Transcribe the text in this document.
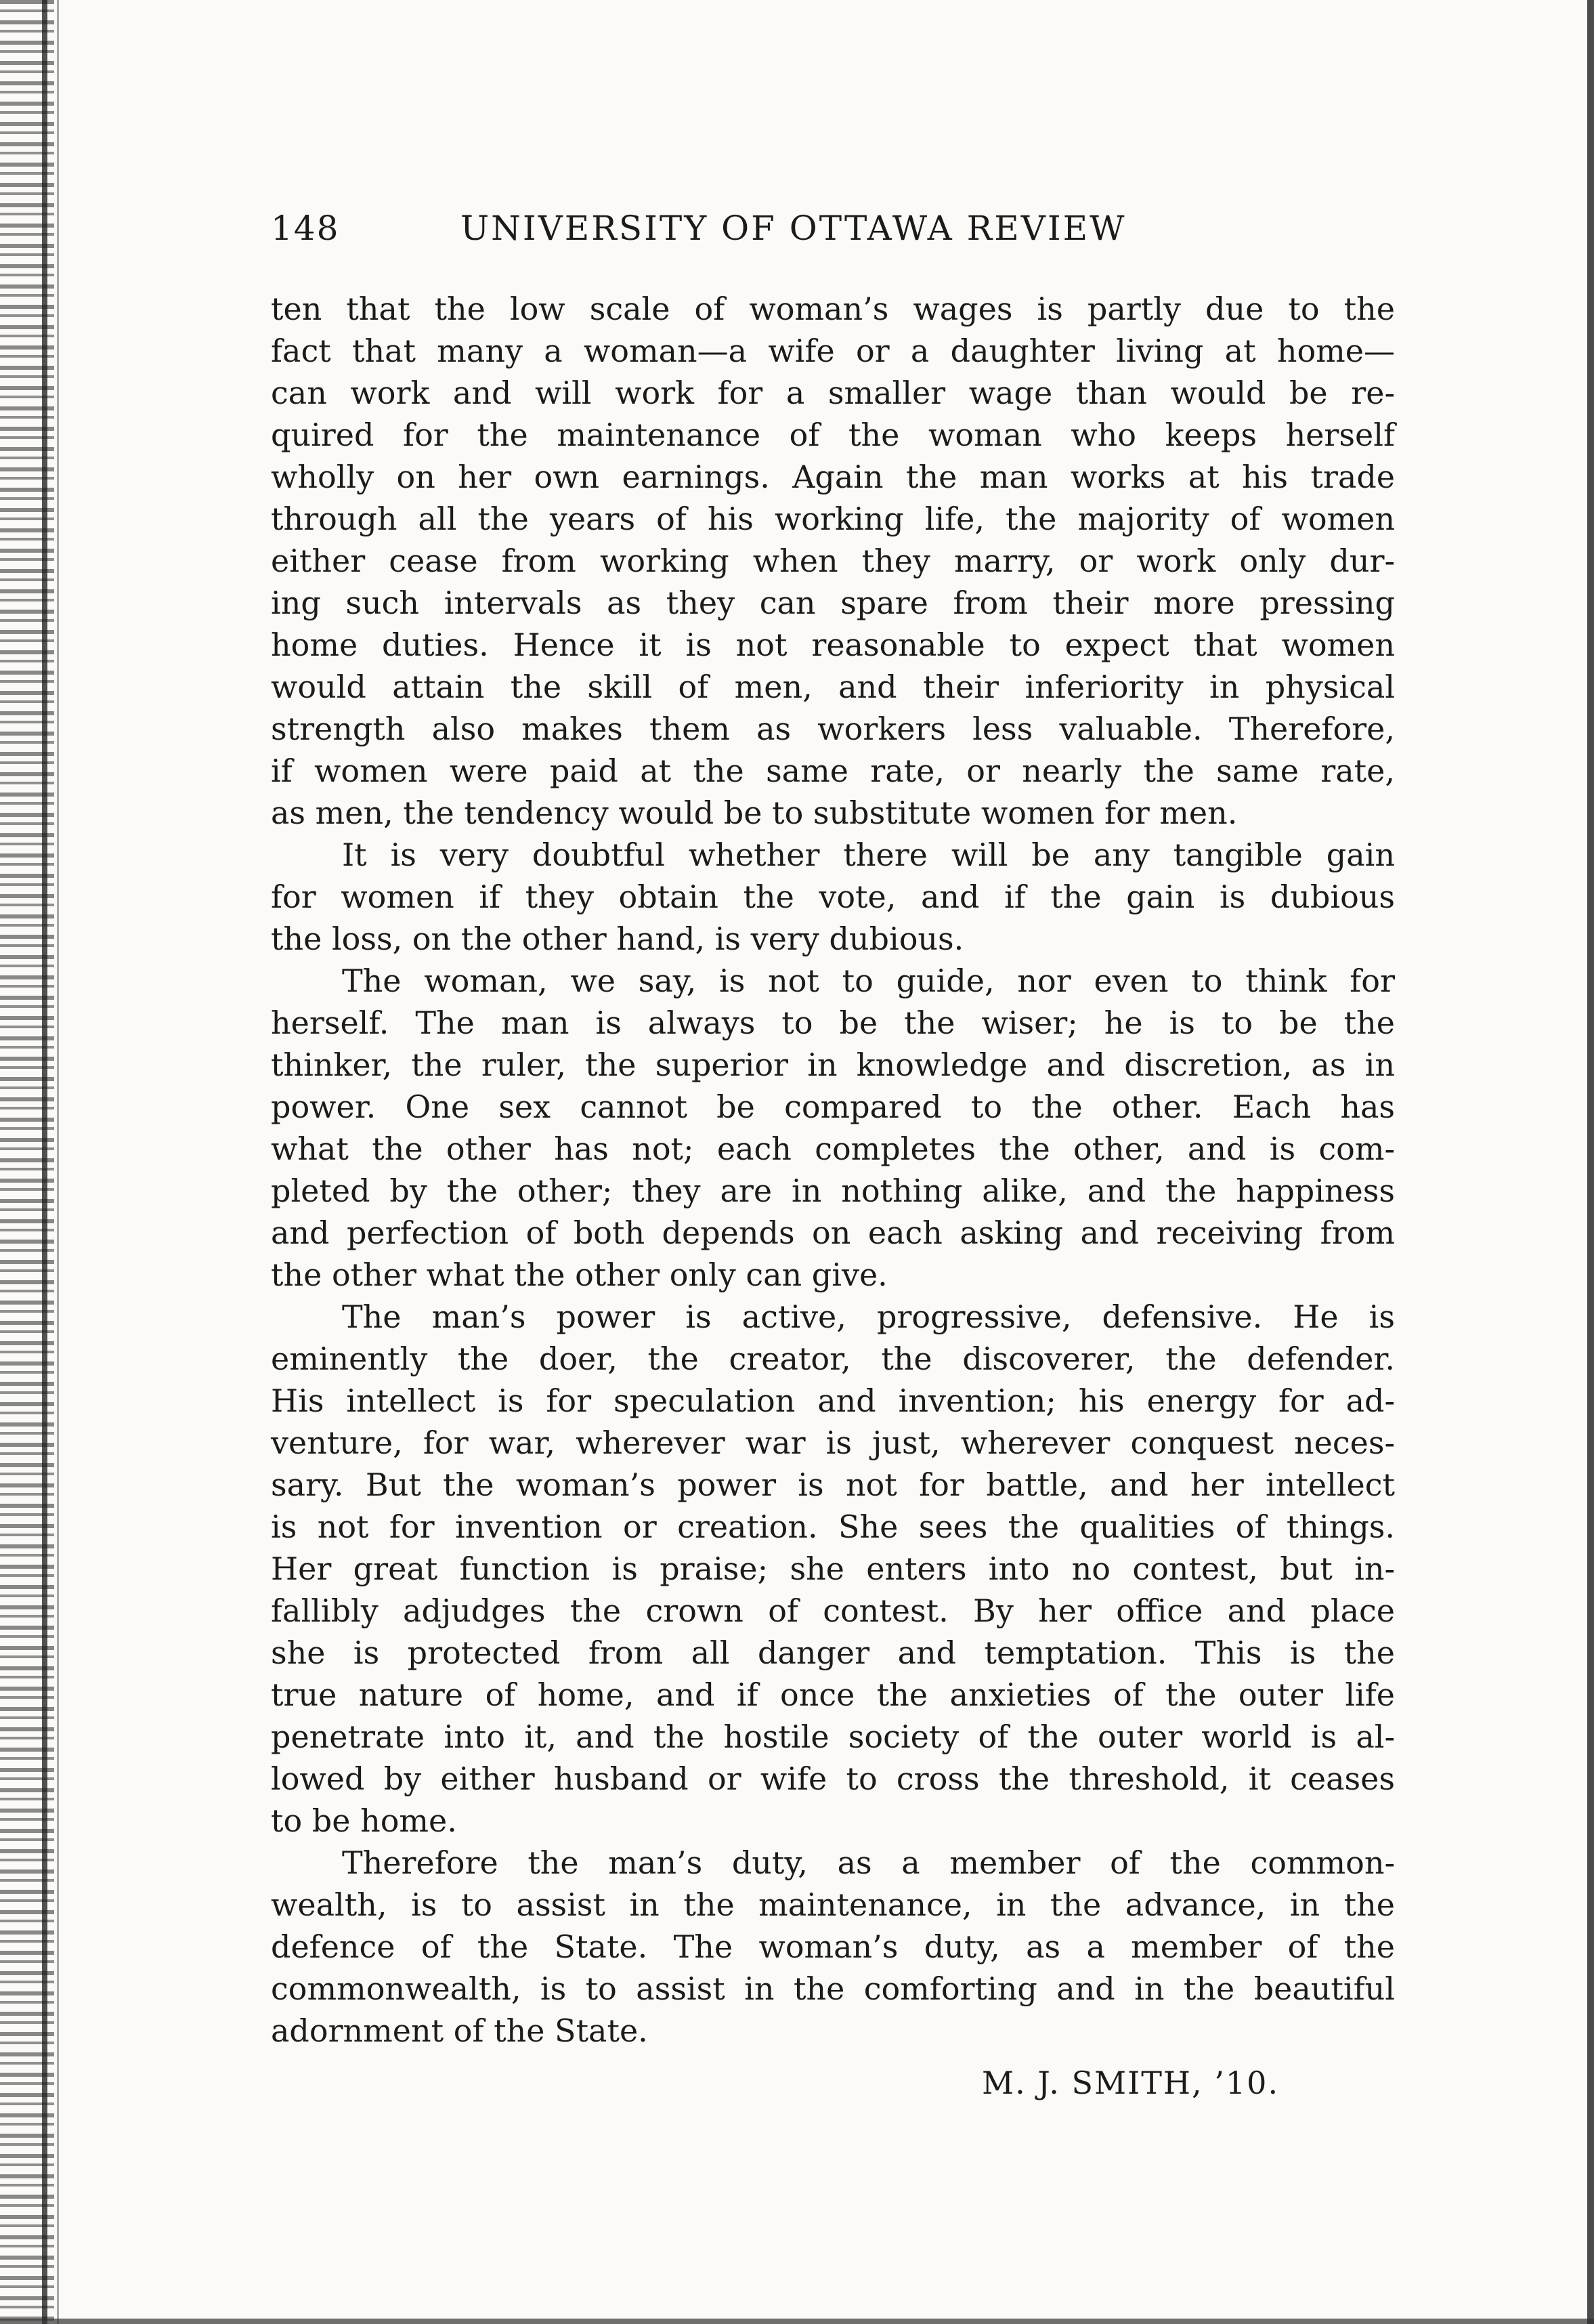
148	UNIVERSITY OF OTTAWA REVIEW
ten that the low scale of woman’s wages is partly due to the
fact that many a woman—a wife or a daughter living at home—
can work and will work for a smaller wage than would be re-
quired for the maintenance of the woman who keeps herself
wholly on her own earnings. Again the man works at his trade
through all the years of his working life, the majority of women
either cease from working when they marry, or work only dur-
ing such intervals as they can spare from their more pressing
home duties. Hence it is not reasonable to expect that women
would attain the skill of men, and their inferiority in physical
strength also makes them as workers less valuable. Therefore,
if women were paid at the same rate, or nearly the same rate,
as men, the tendency would be to substitute women for men.
It is very doubtful whether there will be any tangible gain
for women if they obtain the vote, and if the gain is dubious
the loss, on the other hand, is very dubious.
The woman, we say, is not to guide, nor even to think for
herself. The man is always to be the wiser; he is to be the
thinker, the ruler, the superior in knowledge and discretion, as in
power. One sex cannot be compared to the other. Each has
what the other has not; each completes the other, and is com-
pleted by the other; they are in nothing alike, and the happiness
and perfection of both depends on each asking and receiving from
the other what the other only can give.
The man’s power is active, progressive, defensive. He is
eminently the doer, the creator, the discoverer, the defender.
His intellect is for speculation and invention; his energy for ad-
venture, for war, wherever war is just, wherever conquest neces-
sary. But the woman’s power is not for battle, and her intellect
is not for invention or creation. She sees the qualities of things.
Her great function is praise; she enters into no contest, but in-
fallibly adjudges the crown of contest. By her office and place
she is protected from all danger and temptation. This is the
true nature of home, and if once the anxieties of the outer life
penetrate into it, and the hostile society of the outer world is al-
lowed by either husband or wife to cross the threshold, it ceases
to be home.
Therefore the man’s duty, as a member of the common-
wealth, is to assist in the maintenance, in the advance, in the
defence of the State. The woman’s duty, as a member of the
commonwealth, is to assist in the comforting and in the beautiful
adornment of the State.
M. J. SMITH, ’10.
